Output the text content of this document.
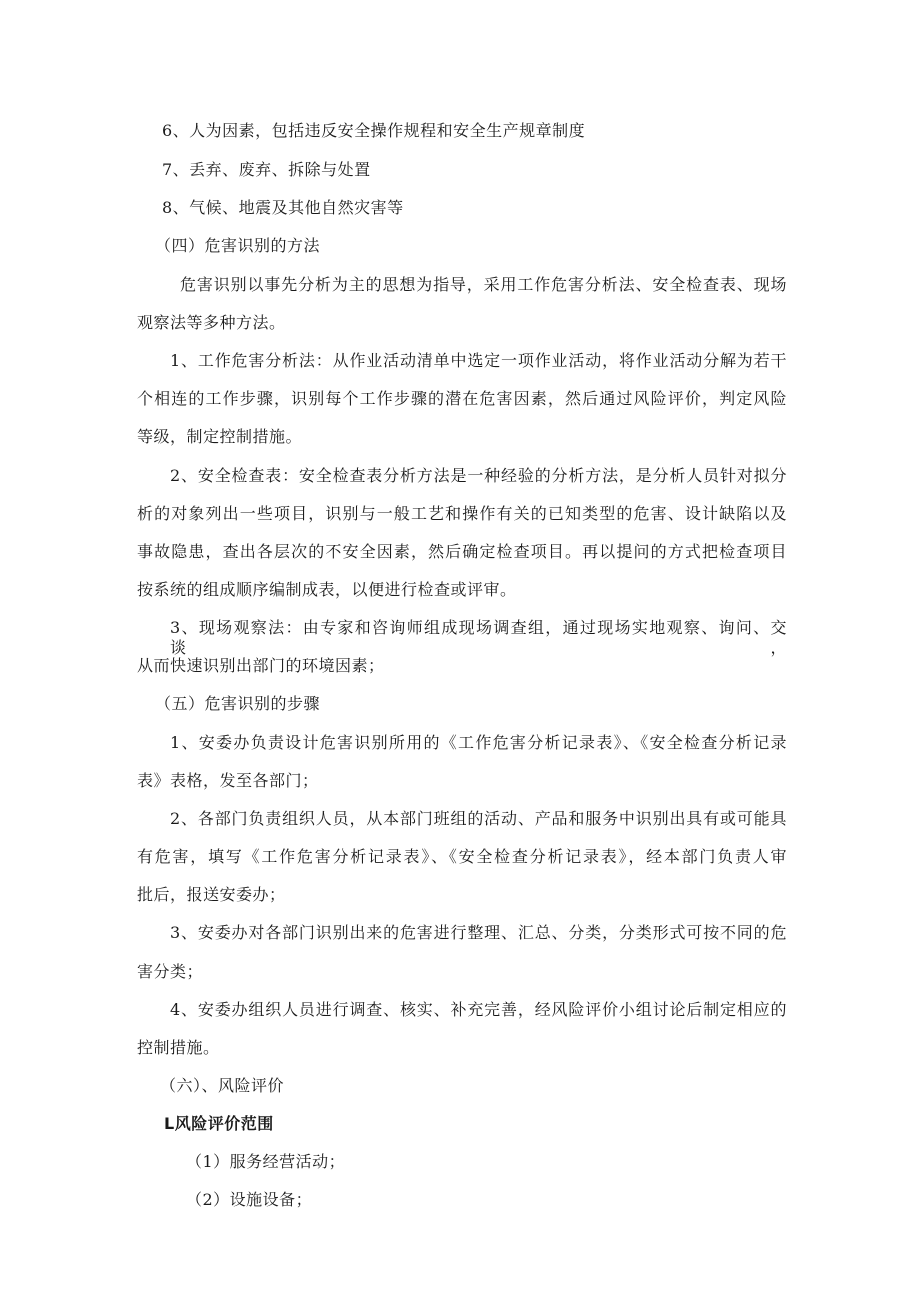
6、人为因素，包括违反安全操作规程和安全生产规章制度
7、丢弃、废弃、拆除与处置
8、气候、地震及其他自然灾害等
（四）危害识别的方法
危害识别以事先分析为主的思想为指导，采用工作危害分析法、安全检查表、现场
观察法等多种方法。
1、工作危害分析法：从作业活动清单中选定一项作业活动，将作业活动分解为若干
个相连的工作步骤，识别每个工作步骤的潜在危害因素，然后通过风险评价，判定风险
等级，制定控制措施。
2、安全检查表：安全检查表分析方法是一种经验的分析方法，是分析人员针对拟分
析的对象列出一些项目，识别与一般工艺和操作有关的已知类型的危害、设计缺陷以及
事故隐患，查出各层次的不安全因素，然后确定检查项目。再以提问的方式把检查项目
按系统的组成顺序编制成表，以便进行检查或评审。
3、现场观察法：由专家和咨询师组成现场调查组，通过现场实地观察、询问、交谈，
从而快速识别出部门的环境因素；
（五）危害识别的步骤
1、安委办负责设计危害识别所用的《工作危害分析记录表》、《安全检查分析记录
表》表格，发至各部门；
2、各部门负责组织人员，从本部门班组的活动、产品和服务中识别出具有或可能具
有危害，填写《工作危害分析记录表》、《安全检查分析记录表》，经本部门负责人审
批后，报送安委办；
3、安委办对各部门识别出来的危害进行整理、汇总、分类，分类形式可按不同的危
害分类；
4、安委办组织人员进行调查、核实、补充完善，经风险评价小组讨论后制定相应的
控制措施。
（六）、风险评价
L风险评价范围
（1）服务经营活动；
（2）设施设备；
